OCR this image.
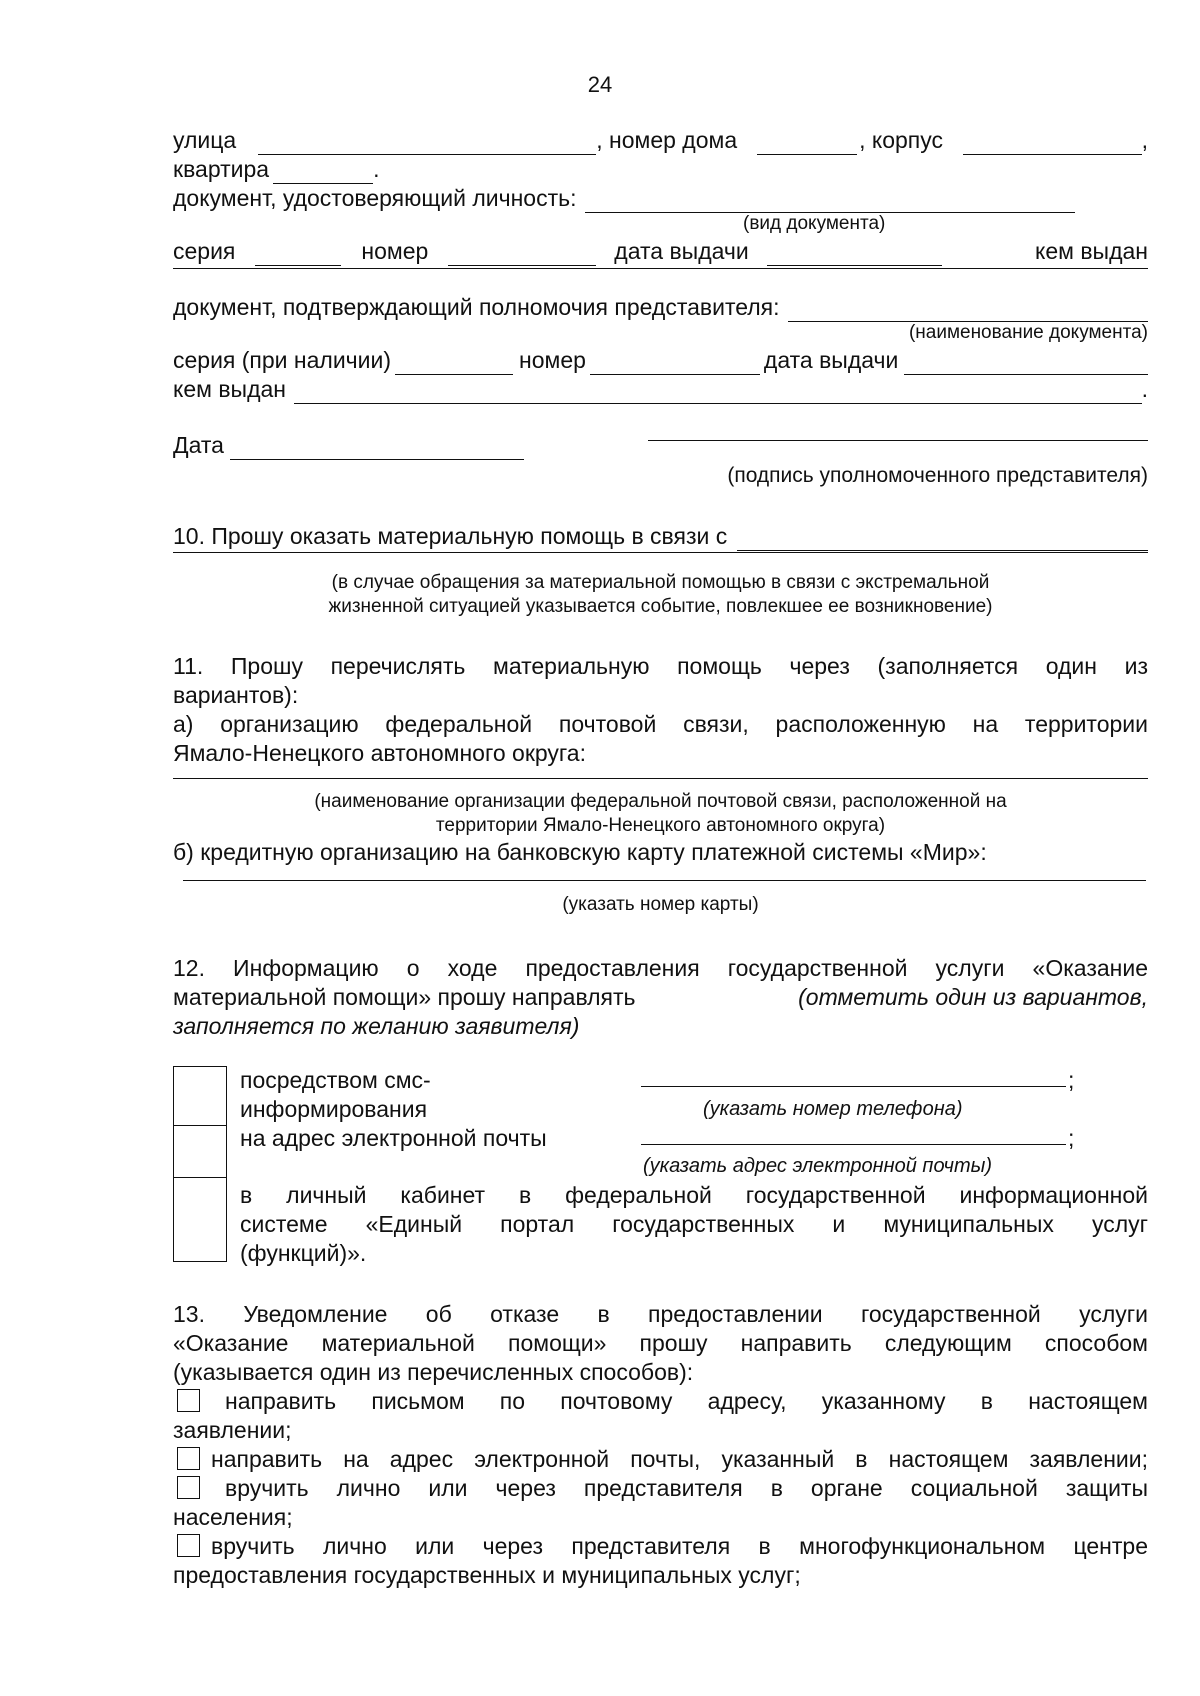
24
улица	, номер дома	, корпус	,
квартира	.
документ, удостоверяющий личность:
(вид документа)
серия	номер	дата выдачи	кем выдан
документ, подтверждающий полномочия представителя:
(наименование документа)
серия (при наличии)	номер	дата выдачи
кем выдан	.
Дата
(подпись уполномоченного представителя)
10. Прошу оказать материальную помощь в связи с
(в случае обращения за материальной помощью в связи с экстремальной
жизненной ситуацией указывается событие, повлекшее ее возникновение)
11. Прошу перечислять материальную помощь через (заполняется один из
вариантов):
а) организацию федеральной почтовой связи, расположенную на территории
Ямало-Ненецкого автономного округа:
(наименование организации федеральной почтовой связи, расположенной на
территории Ямало-Ненецкого автономного округа)
б) кредитную организацию на банковскую карту платежной системы «Мир»:
(указать номер карты)
12. Информацию о ходе предоставления государственной услуги «Оказание
материальной помощи» прошу направлять	(отметить один из вариантов,
заполняется по желанию заявителя)
посредством смс-
информирования
;
(указать номер телефона)
на адрес электронной почты	;
(указать адрес электронной почты)
в личный кабинет в федеральной государственной информационной
системе «Единый портал государственных и муниципальных услуг
(функций)».
13. Уведомление об отказе в предоставлении государственной услуги
«Оказание материальной помощи» прошу направить следующим способом
(указывается один из перечисленных способов):
направить письмом по почтовому адресу, указанному в настоящем
заявлении;
направить на адрес электронной почты, указанный в настоящем заявлении;
вручить лично или через представителя в органе социальной защиты
населения;
вручить лично или через представителя в многофункциональном центре
предоставления государственных и муниципальных услуг;
